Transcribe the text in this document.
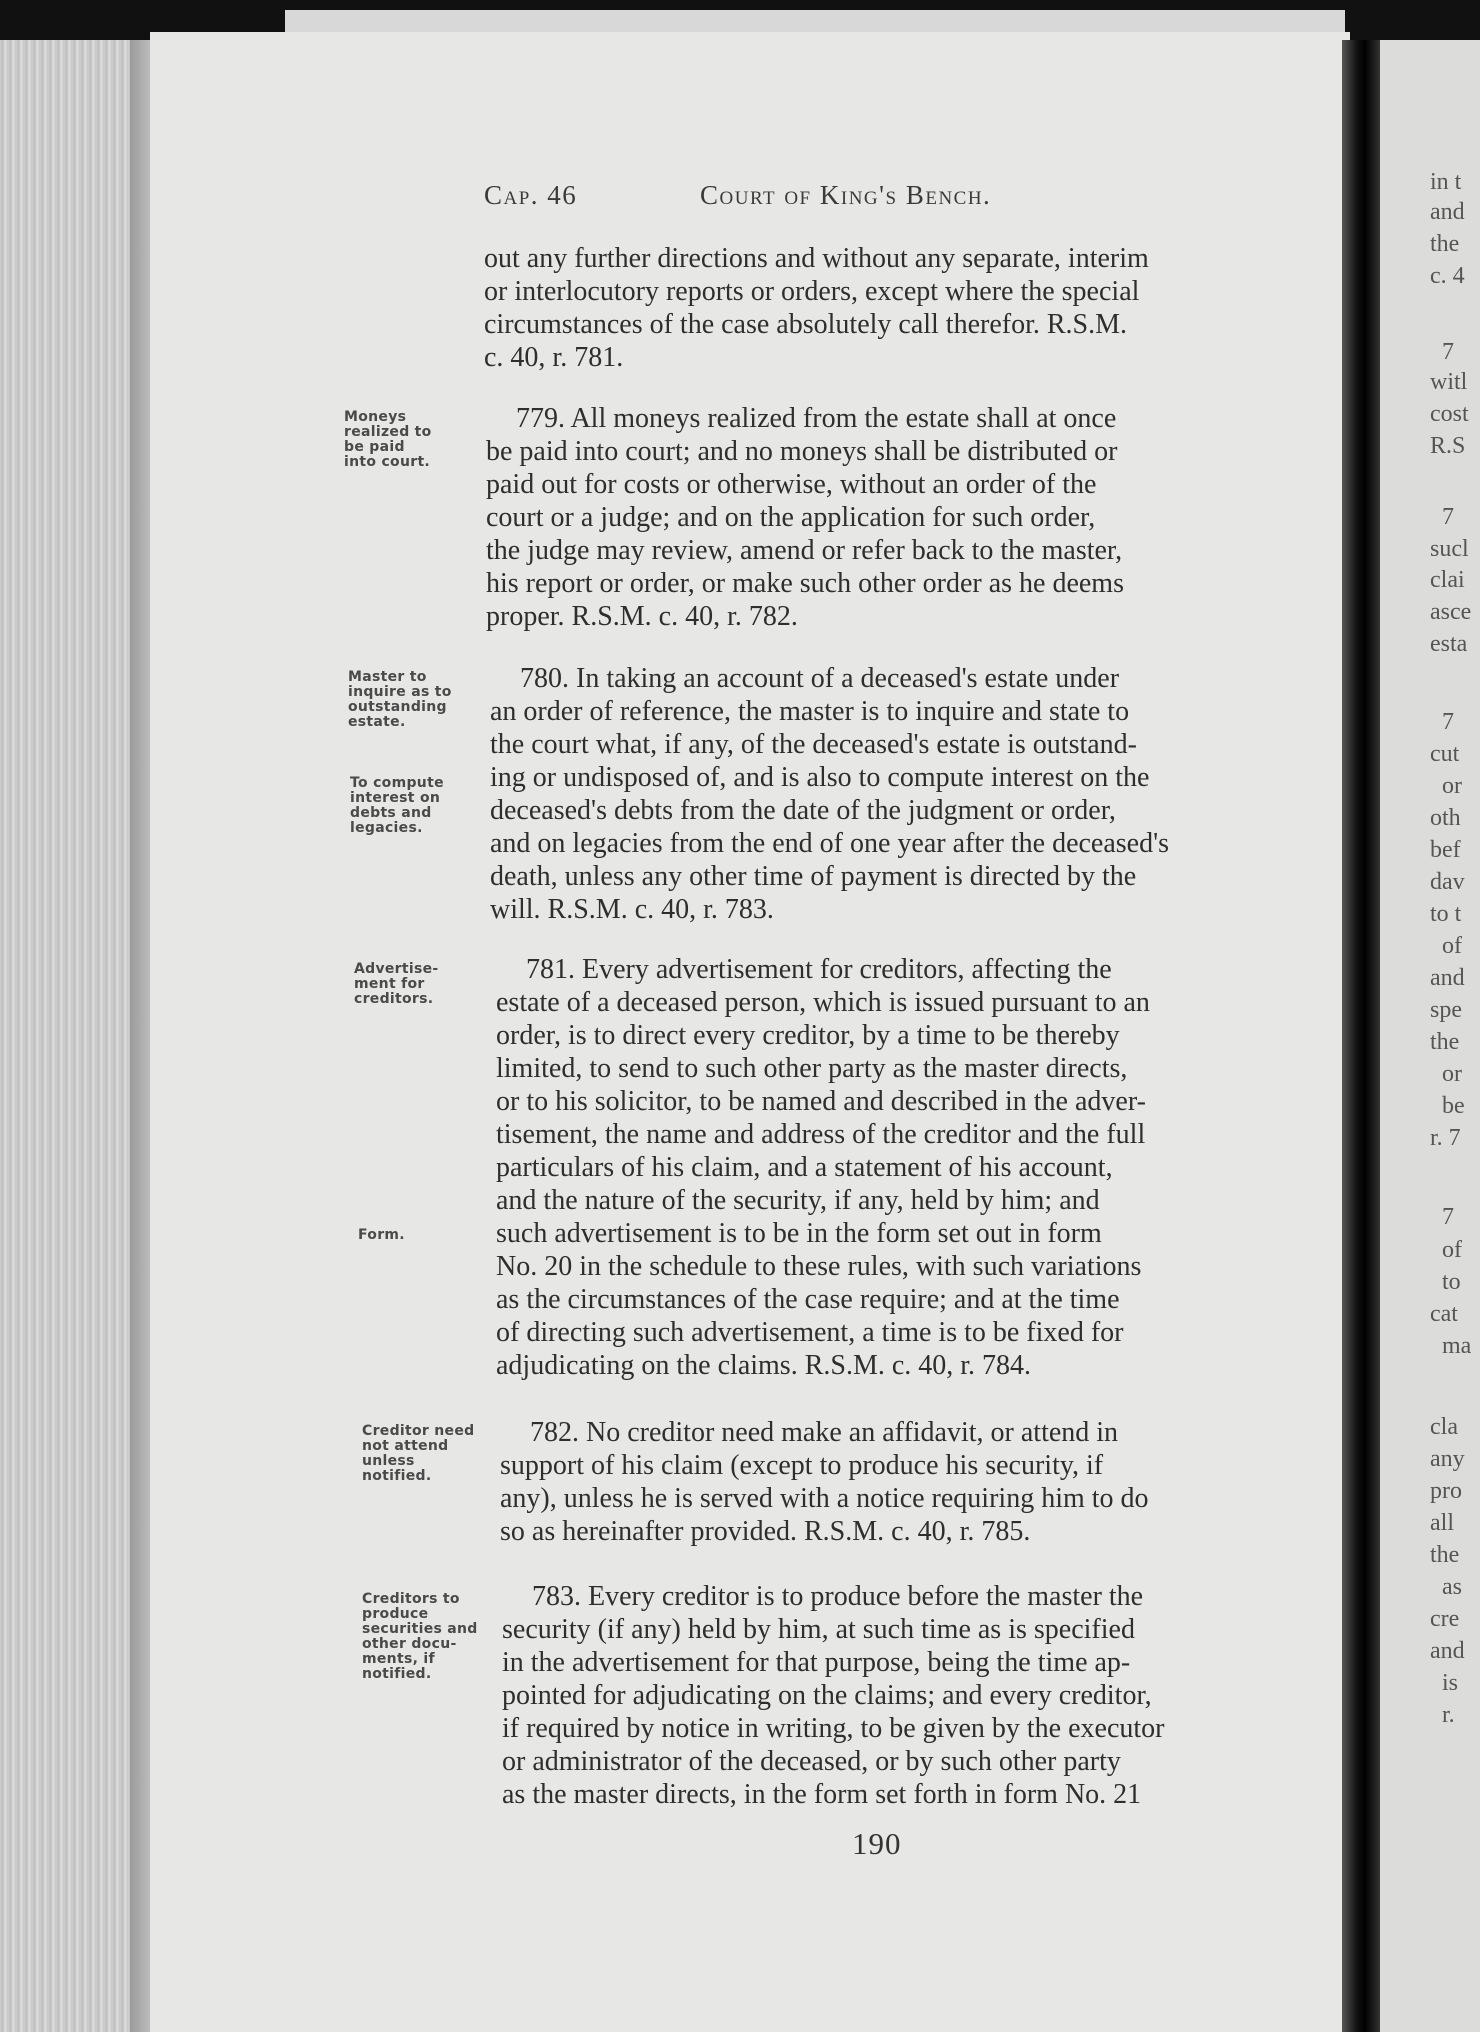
Cap. 46	Court of King's Bench.
out any further directions and without any separate, interim
or interlocutory reports or orders, except where the special
circumstances of the case absolutely call therefor. R.S.M.
c. 40, r. 781.
779. All moneys realized from the estate shall at once
be paid into court; and no moneys shall be distributed or
paid out for costs or otherwise, without an order of the
court or a judge; and on the application for such order,
the judge may review, amend or refer back to the master,
his report or order, or make such other order as he deems
proper. R.S.M. c. 40, r. 782.
780. In taking an account of a deceased's estate under
an order of reference, the master is to inquire and state to
the court what, if any, of the deceased's estate is outstand-
ing or undisposed of, and is also to compute interest on the
deceased's debts from the date of the judgment or order,
and on legacies from the end of one year after the deceased's
death, unless any other time of payment is directed by the
will. R.S.M. c. 40, r. 783.
781. Every advertisement for creditors, affecting the
estate of a deceased person, which is issued pursuant to an
order, is to direct every creditor, by a time to be thereby
limited, to send to such other party as the master directs,
or to his solicitor, to be named and described in the adver-
tisement, the name and address of the creditor and the full
particulars of his claim, and a statement of his account,
and the nature of the security, if any, held by him; and
such advertisement is to be in the form set out in form
No. 20 in the schedule to these rules, with such variations
as the circumstances of the case require; and at the time
of directing such advertisement, a time is to be fixed for
adjudicating on the claims. R.S.M. c. 40, r. 784.
782. No creditor need make an affidavit, or attend in
support of his claim (except to produce his security, if
any), unless he is served with a notice requiring him to do
so as hereinafter provided. R.S.M. c. 40, r. 785.
783. Every creditor is to produce before the master the
security (if any) held by him, at such time as is specified
in the advertisement for that purpose, being the time ap-
pointed for adjudicating on the claims; and every creditor,
if required by notice in writing, to be given by the executor
or administrator of the deceased, or by such other party
as the master directs, in the form set forth in form No. 21
Moneys
realized to
be paid
into court.
Master to
inquire as to
outstanding
estate.
To compute
interest on
debts and
legacies.
Advertise-
ment for
creditors.
Form.
Creditor need
not attend
unless
notified.
Creditors to
produce
securities and
other docu-
ments, if
notified.
190
in t
and
the
c. 4
7
witl
cost
R.S
7
sucl
clai
asce
esta
7
cut
or
oth
bef
dav
to t
of
and
spe
the
or
be
r. 7
7
of
to
cat
ma
cla
any
pro
all
the
as
cre
and
is
r.
